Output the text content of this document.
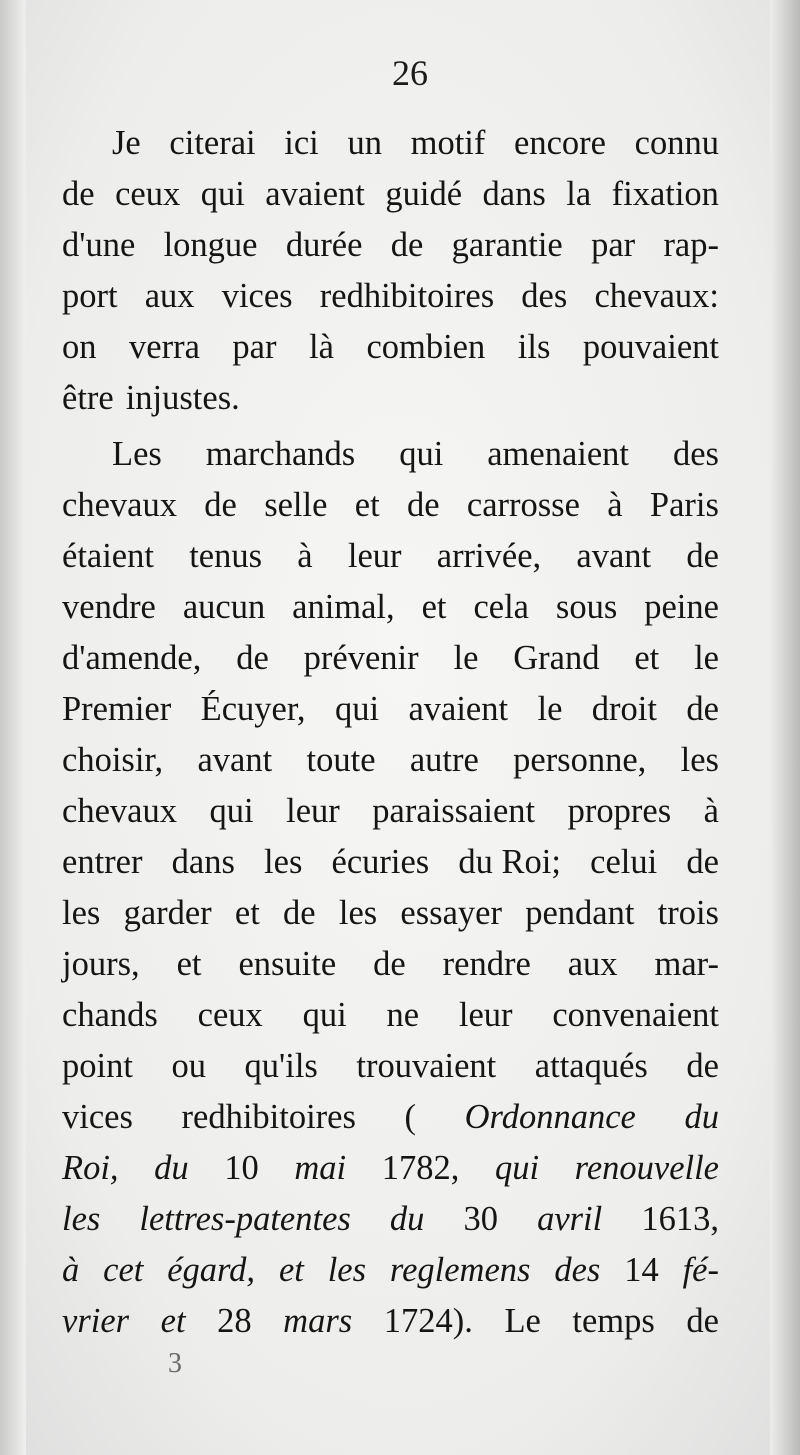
26
Je citerai ici un motif encore connu
de ceux qui avaient guidé dans la fixation
d'une longue durée de garantie par rap-
port aux vices redhibitoires des chevaux:
on verra par là combien ils pouvaient
être injustes.
Les marchands qui amenaient des
chevaux de selle et de carrosse à Paris
étaient tenus à leur arrivée, avant de
vendre aucun animal, et cela sous peine
d'amende, de prévenir le Grand et le
Premier Écuyer, qui avaient le droit de
choisir, avant toute autre personne, les
chevaux qui leur paraissaient propres à
entrer dans les écuries du Roi; celui de
les garder et de les essayer pendant trois
jours, et ensuite de rendre aux mar-
chands ceux qui ne leur convenaient
point ou qu'ils trouvaient attaqués de
vices redhibitoires ( Ordonnance du
Roi, du 10 mai 1782, qui renouvelle
les lettres-patentes du 30 avril 1613,
à cet égard, et les reglemens des 14 fé-
vrier et 28 mars 1724). Le temps de
3
